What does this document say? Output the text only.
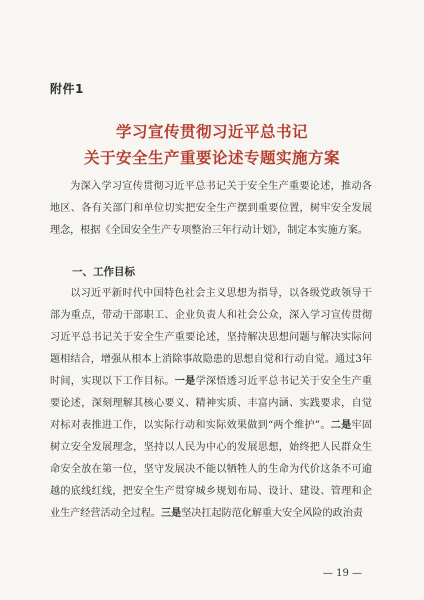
附件1
学习宣传贯彻习近平总书记
关于安全生产重要论述专题实施方案

为深入学习宣传贯彻习近平总书记关于安全生产重要论述，推动各地区、各有关部门和单位切实把安全生产摆到重要位置，树牢安全发展理念，根据《全国安全生产专项整治三年行动计划》，制定本实施方案。

一、工作目标

以习近平新时代中国特色社会主义思想为指导，以各级党政领导干部为重点，带动干部职工、企业负责人和社会公众，深入学习宣传贯彻习近平总书记关于安全生产重要论述，坚持解决思想问题与解决实际问题相结合，增强从根本上消除事故隐患的思想自觉和行动自觉。通过3年时间，实现以下工作目标。一是学深悟透习近平总书记关于安全生产重要论述，深刻理解其核心要义、精神实质、丰富内涵、实践要求，自觉对标对表推进工作，以实际行动和实际效果做到“两个维护”。二是牢固树立安全发展理念，坚持以人民为中心的发展思想，始终把人民群众生命安全放在第一位，坚守发展决不能以牺牲人的生命为代价这条不可逾越的底线红线，把安全生产贯穿城乡规划布局、设计、建设、管理和企业生产经营活动全过程。三是坚决扛起防范化解重大安全风险的政治责

— 19 —
